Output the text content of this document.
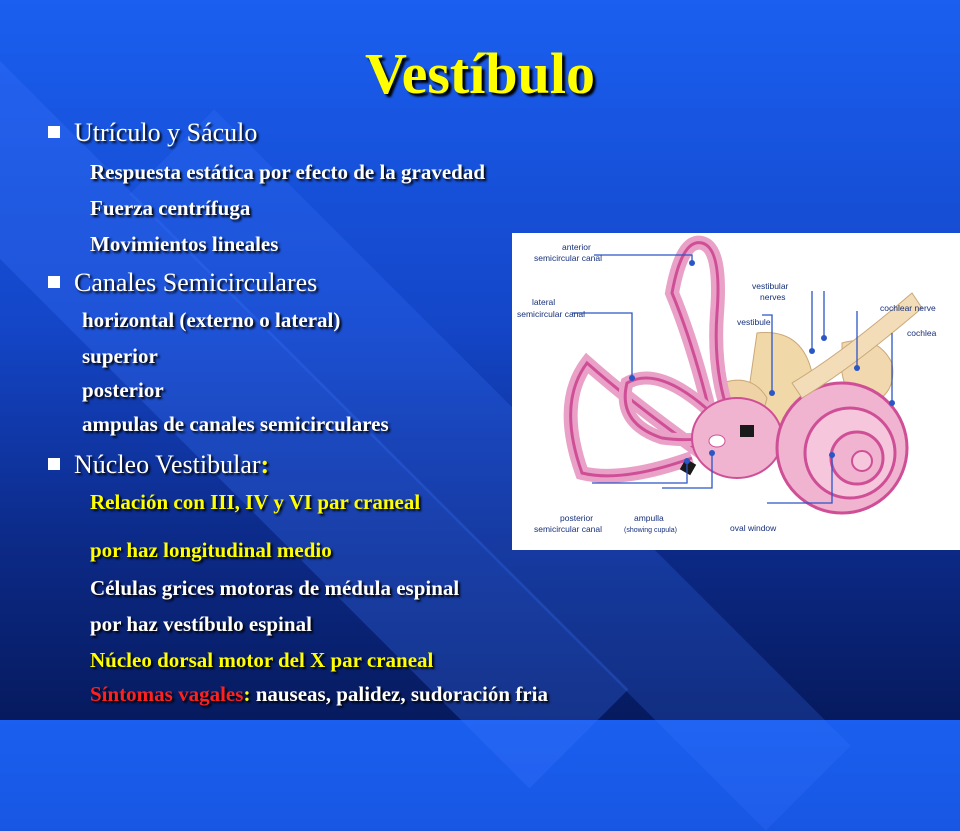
Vestíbulo
Utrículo y Sáculo
Respuesta estática por efecto de la gravedad
Fuerza centrífuga
Movimientos lineales
Canales Semicirculares
horizontal (externo o lateral)
superior
posterior
ampulas de canales semicirculares
Núcleo Vestibular:
Relación con III, IV y VI par craneal
por haz longitudinal medio
Células grices motoras de médula espinal
por haz vestíbulo espinal
Núcleo dorsal motor del X par craneal
Síntomas vagales: nauseas, palidez, sudoración fria
anterior
semicircular canal
lateral
semicircular canal
vestibular
nerves
vestibule
cochlear nerve
cochlea
posterior
semicircular canal
ampulla
(showing cupula)	oval window
